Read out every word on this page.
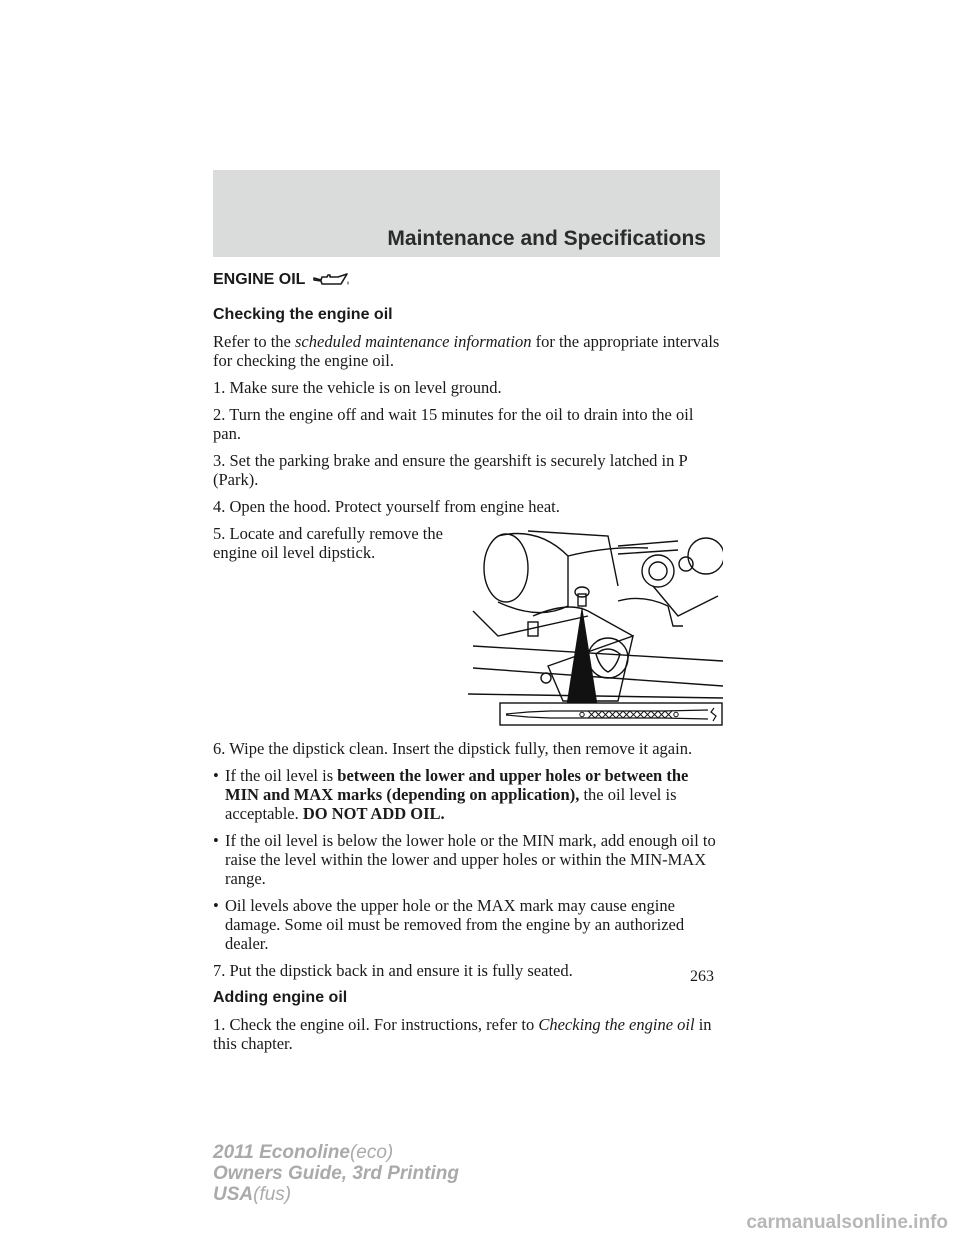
Maintenance and Specifications
ENGINE OIL
Checking the engine oil

Refer to the scheduled maintenance information for the appropriate intervals for checking the engine oil.

1. Make sure the vehicle is on level ground.

2. Turn the engine off and wait 15 minutes for the oil to drain into the oil pan.

3. Set the parking brake and ensure the gearshift is securely latched in P (Park).

4. Open the hood. Protect yourself from engine heat.

5. Locate and carefully remove the engine oil level dipstick.

6. Wipe the dipstick clean. Insert the dipstick fully, then remove it again.

• If the oil level is between the lower and upper holes or between the MIN and MAX marks (depending on application), the oil level is acceptable. DO NOT ADD OIL.
• If the oil level is below the lower hole or the MIN mark, add enough oil to raise the level within the lower and upper holes or within the MIN-MAX range.
• Oil levels above the upper hole or the MAX mark may cause engine damage. Some oil must be removed from the engine by an authorized dealer.

7. Put the dipstick back in and ensure it is fully seated.

Adding engine oil

1. Check the engine oil. For instructions, refer to Checking the engine oil in this chapter.

263
2011 Econoline(eco)
Owners Guide, 3rd Printing
USA(fus)
carmanualsonline.info
